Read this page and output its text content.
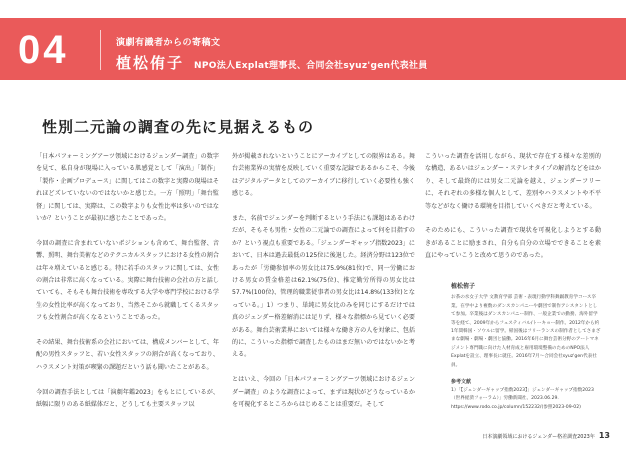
04	演劇有識者からの寄稿文
植松侑子 NPO法人Explat理事長、合同会社syuz'gen代表社員
性別二元論の調査の先に見据えるもの

「日本パフォーミングアーツ領域におけるジェンダー調査」の数字を見て、私自身が現場に入っている肌感覚として「演出」「制作」「製作・企画プロデュース」に関してはこの数字と実際の現場はそれほどズレていないのではないかと感じた。一方「照明」「舞台監督」に関しては、実際は、この数字よりも女性比率は多いのではないか？ということが最初に感じたことであった。

今回の調査に含まれていないポジションも含めて、舞台監督、音響、照明、舞台美術などのテクニカルスタッフにおける女性の割合は年々増えていると感じる。特に若手のスタッフに関しては、女性の割合は非常に高くなっている。実際に舞台技術の会社の方と話していても、そもそも舞台技術を専攻する大学や専門学校における学生の女性比率が高くなっており、当然そこから就職してくるスタッフも女性割合が高くなるということであった。

その結果、舞台技術系の会社においては、構成メンバーとして、年配の男性スタッフと、若い女性スタッフの割合が高くなっており、ハラスメント対策が喫緊の課題だという話も聞いたことがある。

今回の調査手法としては「演劇年鑑2023」をもとにしているが、紙幅に限りのある紙媒体だと、どうしても主要スタッフ以

外が掲載されないということにアーカイブとしての限界はある。舞台芸術業界の実情を反映していく重要な記録であるからこそ、今後はデジタルデータとしてのアーカイブに移行していく必要性も強く感じる。

また、名前でジェンダーを判断するという手法にも課題はあるわけだが、そもそも男性・女性の二元論での調査によって何を目指すのか？という視点も重要である。「ジェンダーギャップ指数2023」において、日本は過去最低の125位に後退した。経済分野は123位であったが「労働参加率の男女比は75.9%(81位)で、同一労働における男女の賃金格差は62.1%(75位)、推定勤労所得の男女比は57.7%(100位)、管理的職業従事者の男女比は14.8%(133位)となっている。」1）つまり、単純に男女比のみを同じにするだけでは真のジェンダー格差解消には足りず、様々な指標から見ていく必要がある。舞台芸術業界においては様々な働き方の人を対象に、包括的に、こういった指標で調査したものはまだ無いのではないかと考える。

とはいえ、今回の「日本パフォーミングアーツ領域におけるジェンダー調査」のような調査によって、まずは現状がどうなっているかを可視化するところからはじめることは重要だ。そして

こういった調査を活用しながら、現状で存在する様々な差別的な構造、あるいはジェンダー・ステレオタイプの解消などをはかり、そして最終的には男女二元論を越え、ジェンダーフリーに、それぞれの多様な個人として、差別やハラスメントや不平等などがなく働ける環境を目指していくべきだと考えている。

そのためにも、こういった調査で現状を可視化しようとする動きがあることに励まされ、自分も自分の立場でできることを素直にやっていこうと改めて思うのであった。

植松侑子
お茶の水女子大学 文教育学部 芸術・表現行動学科舞踊教育学コース卒業。在学中より複数のダンスカンパニーや劇団で制作アシスタントとして参加。卒業後はダンスカンパニー制作、一般企業での勤務、海外留学等を経て、2009年からフェスティバル/トーキョー制作。2012年から約1年間韓国・ソウルに留学。帰国後はフリーランスの制作者としてさまざまな劇場・劇場・劇団と協働。2016年6月に舞台芸術分野のアートマネジメント専門職に向けた人材育成と雇用環境整備のためのNPO法人Explatを設立、理事長に就任。2016年7月〜合同会社syuz'gen代表社員。
参考文献
1）「【ジェンダーギャップ指数2023】」ジェンダーギャップ指数2023
（世界経済フォーラム）」労働新聞社、2023.06.29.
https://www.rodo.co.jp/column/152232/(参照2023-09-02)
日本演劇領域におけるジェンダー格差調査2023年 13
